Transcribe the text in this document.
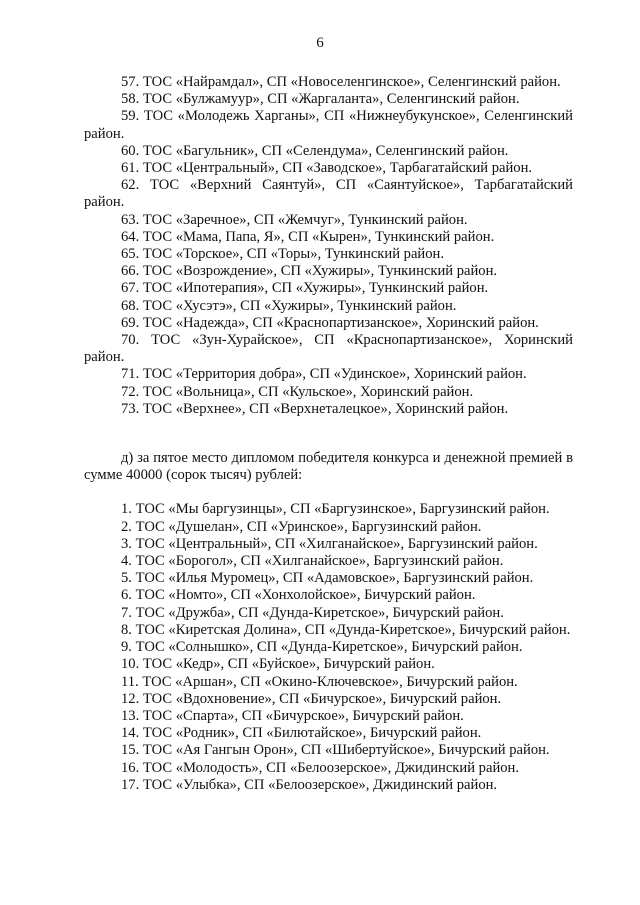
6

57. ТОС «Найрамдал», СП «Новоселенгинское», Селенгинский район.

58. ТОС «Булжамуур», СП «Жаргаланта», Селенгинский район.

59. ТОС «Молодежь Харганы», СП «Нижнеубукунское», Селенгинский район.

60. ТОС «Багульник», СП «Селендума», Селенгинский район.

61. ТОС «Центральный», СП «Заводское», Тарбагатайский район.

62. ТОС «Верхний Саянтуй», СП «Саянтуйское», Тарбагатайский район.

63. ТОС «Заречное», СП «Жемчуг», Тункинский район.

64. ТОС «Мама, Папа, Я», СП «Кырен», Тункинский район.

65. ТОС «Торское», СП «Торы», Тункинский район.

66. ТОС «Возрождение», СП «Хужиры», Тункинский район.

67. ТОС «Ипотерапия», СП «Хужиры», Тункинский район.

68. ТОС «Хусэтэ», СП «Хужиры», Тункинский район.

69. ТОС «Надежда», СП «Краснопартизанское», Хоринский район.

70. ТОС «Зун-Хурайское», СП «Краснопартизанское», Хоринский район.

71. ТОС «Территория добра», СП «Удинское», Хоринский район.

72. ТОС «Вольница», СП «Кульское», Хоринский район.

73. ТОС «Верхнее», СП «Верхнеталецкое», Хоринский район.

д) за пятое место дипломом победителя конкурса и денежной премией в сумме 40000 (сорок тысяч) рублей:

1. ТОС «Мы баргузинцы», СП «Баргузинское», Баргузинский район.

2. ТОС «Душелан», СП «Уринское», Баргузинский район.

3. ТОС «Центральный», СП «Хилганайское», Баргузинский район.

4. ТОС «Борогол», СП «Хилганайское», Баргузинский район.

5. ТОС «Илья Муромец», СП «Адамовское», Баргузинский район.

6. ТОС «Номто», СП «Хонхолойское», Бичурский район.

7. ТОС «Дружба», СП «Дунда-Киретское», Бичурский район.

8. ТОС «Киретская Долина», СП «Дунда-Киретское», Бичурский район.

9. ТОС «Солнышко», СП «Дунда-Киретское», Бичурский район.

10. ТОС «Кедр», СП «Буйское», Бичурский район.

11. ТОС «Аршан», СП «Окино-Ключевское», Бичурский район.

12. ТОС «Вдохновение», СП «Бичурское», Бичурский район.

13. ТОС «Спарта», СП «Бичурское», Бичурский район.

14. ТОС «Родник», СП «Билютайское», Бичурский район.

15. ТОС «Ая Гангын Орон», СП «Шибертуйское», Бичурский район.

16. ТОС «Молодость», СП «Белоозерское», Джидинский район.

17. ТОС «Улыбка», СП «Белоозерское», Джидинский район.
